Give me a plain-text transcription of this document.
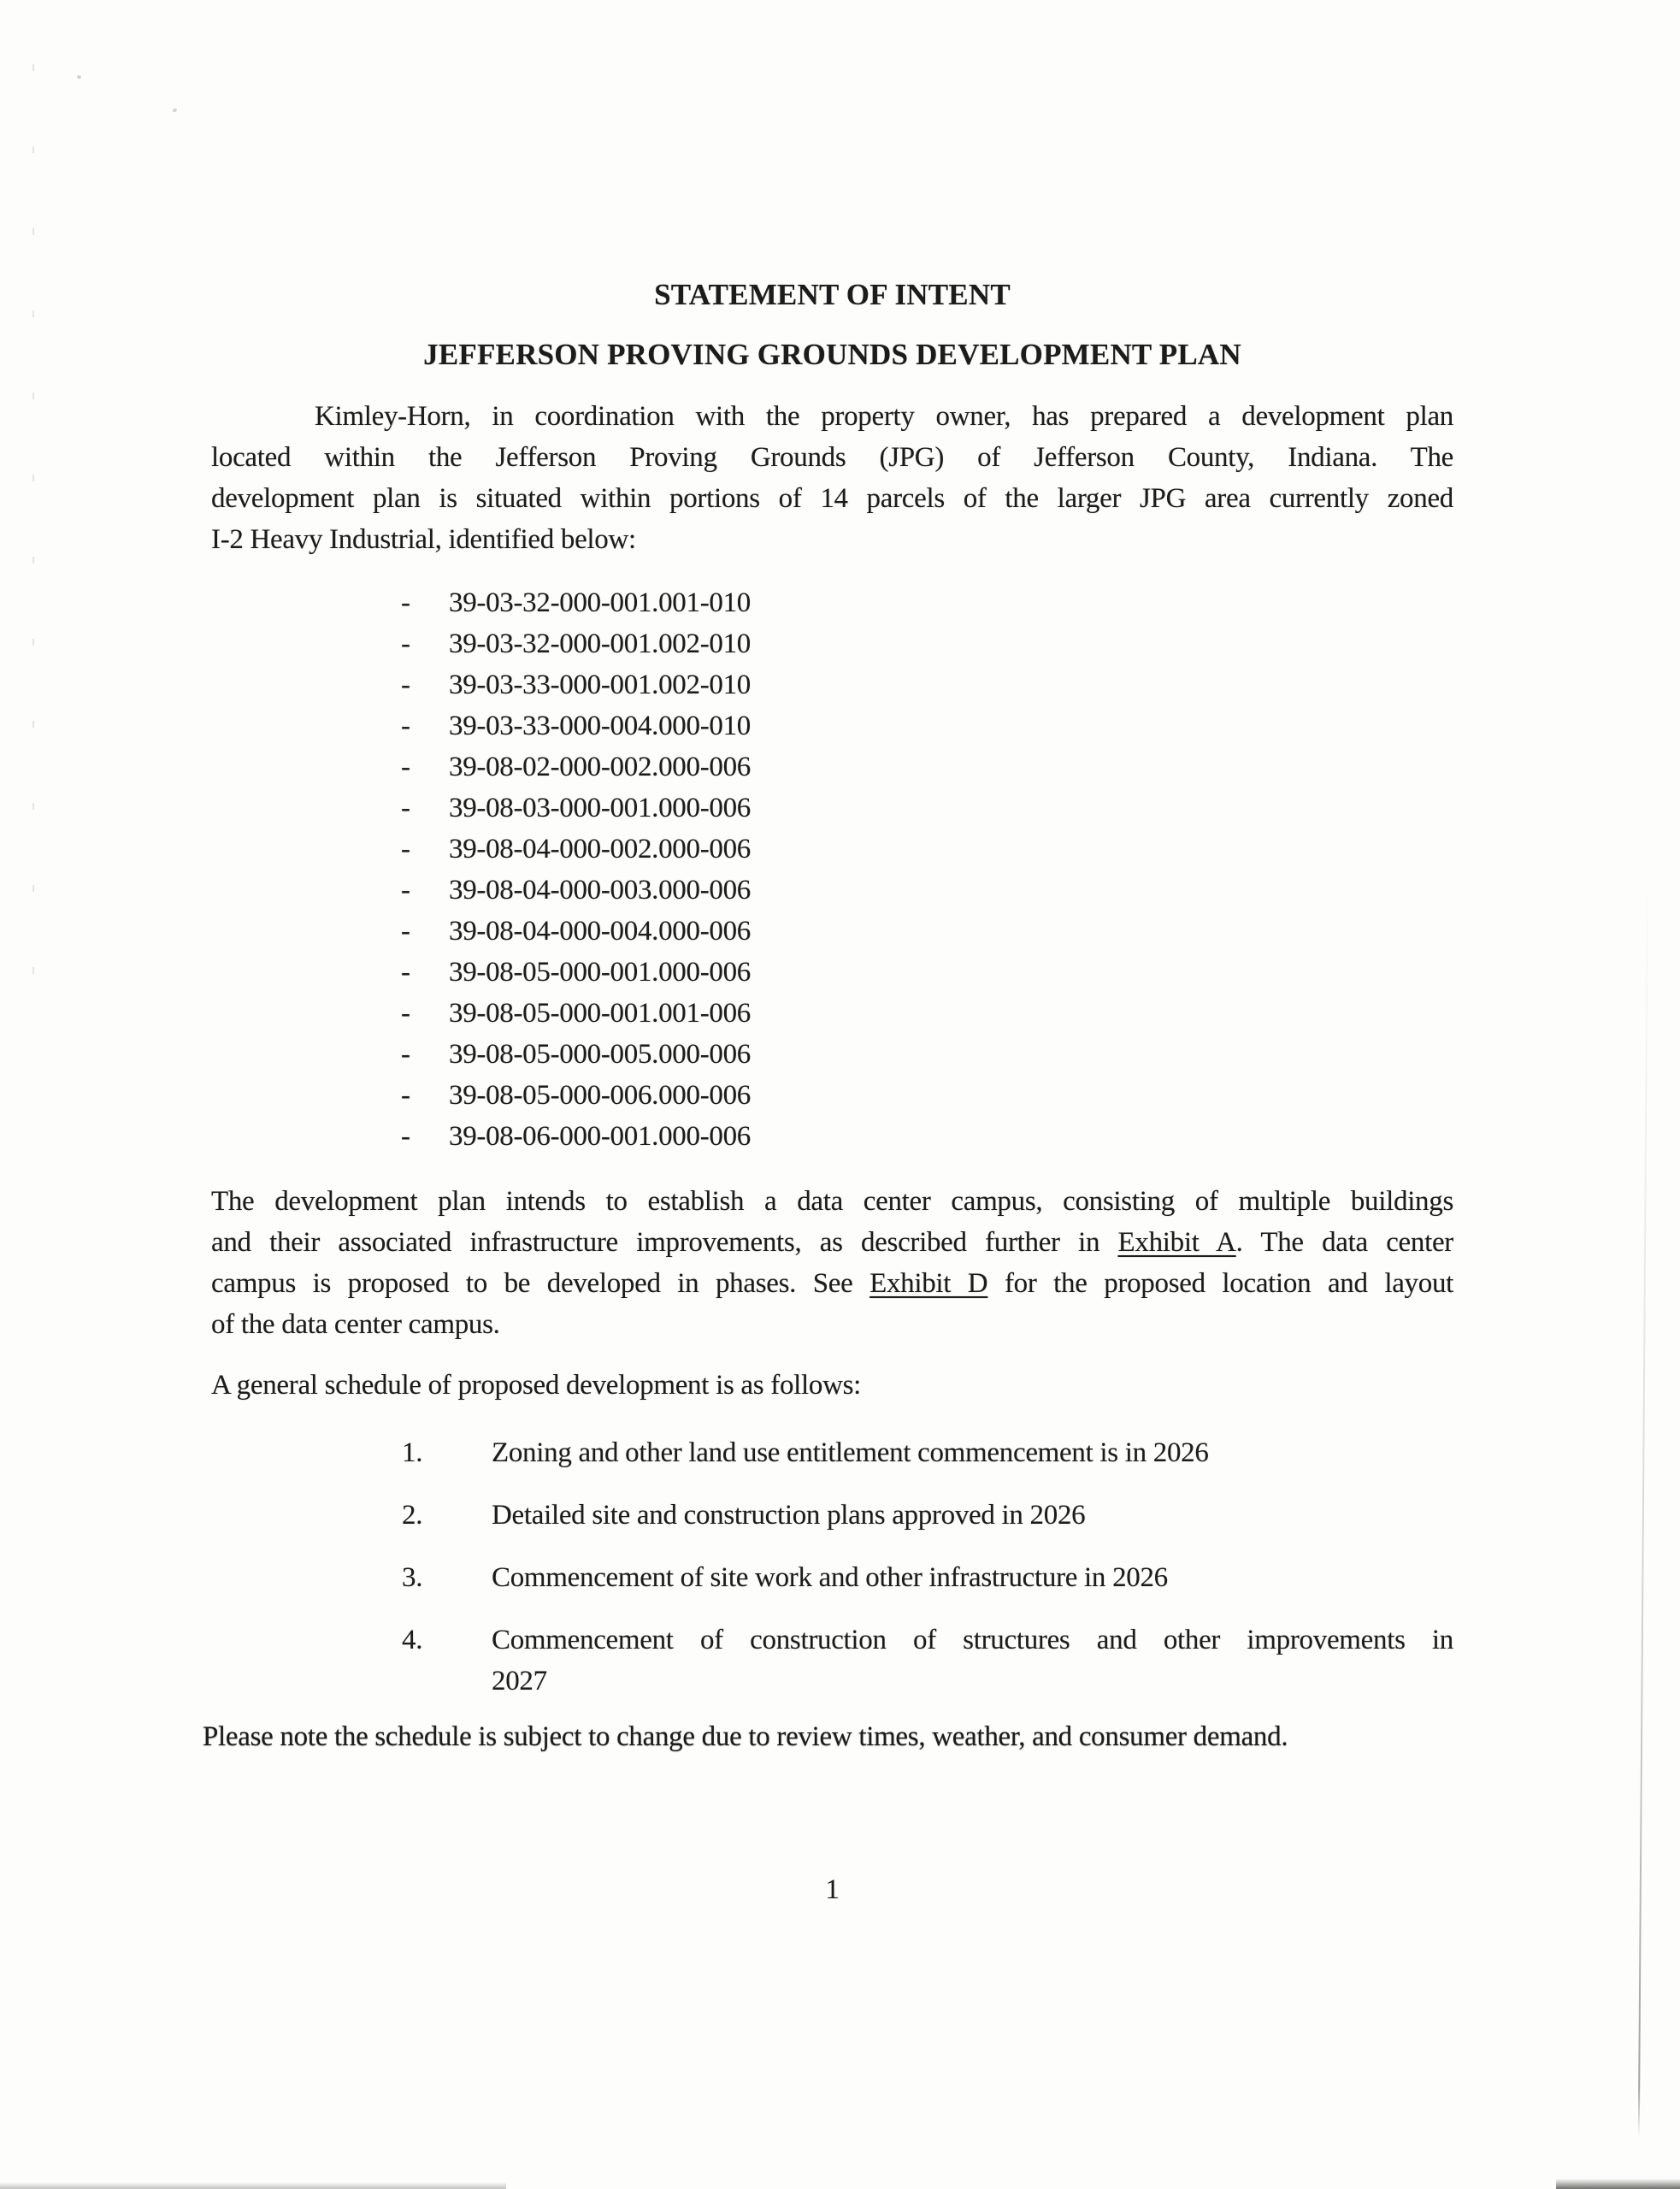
STATEMENT OF INTENT
JEFFERSON PROVING GROUNDS DEVELOPMENT PLAN
Kimley-Horn, in coordination with the property owner, has prepared a development plan
located within the Jefferson Proving Grounds (JPG) of Jefferson County, Indiana. The
development plan is situated within portions of 14 parcels of the larger JPG area currently zoned
I-2 Heavy Industrial, identified below:
- 39-03-32-000-001.001-010
- 39-03-32-000-001.002-010
- 39-03-33-000-001.002-010
- 39-03-33-000-004.000-010
- 39-08-02-000-002.000-006
- 39-08-03-000-001.000-006
- 39-08-04-000-002.000-006
- 39-08-04-000-003.000-006
- 39-08-04-000-004.000-006
- 39-08-05-000-001.000-006
- 39-08-05-000-001.001-006
- 39-08-05-000-005.000-006
- 39-08-05-000-006.000-006
- 39-08-06-000-001.000-006
The development plan intends to establish a data center campus, consisting of multiple buildings
and their associated infrastructure improvements, as described further in Exhibit A. The data center
campus is proposed to be developed in phases. See Exhibit D for the proposed location and layout
of the data center campus.
A general schedule of proposed development is as follows:
1. Zoning and other land use entitlement commencement is in 2026
2. Detailed site and construction plans approved in 2026
3. Commencement of site work and other infrastructure in 2026
4. Commencement of construction of structures and other improvements in
2027
Please note the schedule is subject to change due to review times, weather, and consumer demand.
1
